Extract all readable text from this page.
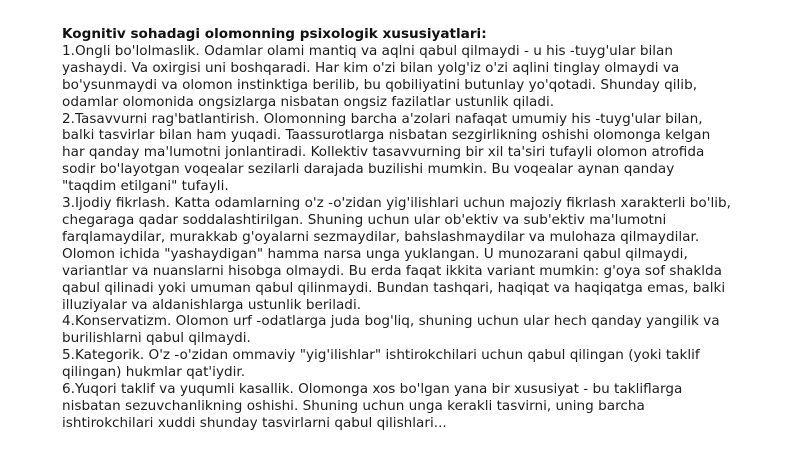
Kognitiv sohadagi olomonning psixologik xususiyatlari:
1.Ongli bo'lolmaslik. Odamlar olami mantiq va aqlni qabul qilmaydi - u his -tuyg'ular bilan
yashaydi. Va oxirgisi uni boshqaradi. Har kim o'zi bilan yolg'iz o'zi aqlini tinglay olmaydi va
bo'ysunmaydi va olomon instinktiga berilib, bu qobiliyatini butunlay yo'qotadi. Shunday qilib,
odamlar olomonida ongsizlarga nisbatan ongsiz fazilatlar ustunlik qiladi.
2.Tasavvurni rag'batlantirish. Olomonning barcha a'zolari nafaqat umumiy his -tuyg'ular bilan,
balki tasvirlar bilan ham yuqadi. Taassurotlarga nisbatan sezgirlikning oshishi olomonga kelgan
har qanday ma'lumotni jonlantiradi. Kollektiv tasavvurning bir xil ta'siri tufayli olomon atrofida
sodir bo'layotgan voqealar sezilarli darajada buzilishi mumkin. Bu voqealar aynan qanday
"taqdim etilgani" tufayli.
3.Ijodiy fikrlash. Katta odamlarning o'z -o'zidan yig'ilishlari uchun majoziy fikrlash xarakterli bo'lib,
chegaraga qadar soddalashtirilgan. Shuning uchun ular ob'ektiv va sub'ektiv ma'lumotni
farqlamaydilar, murakkab g'oyalarni sezmaydilar, bahslashmaydilar va mulohaza qilmaydilar.
Olomon ichida "yashaydigan" hamma narsa unga yuklangan. U munozarani qabul qilmaydi,
variantlar va nuanslarni hisobga olmaydi. Bu erda faqat ikkita variant mumkin: g'oya sof shaklda
qabul qilinadi yoki umuman qabul qilinmaydi. Bundan tashqari, haqiqat va haqiqatga emas, balki
illuziyalar va aldanishlarga ustunlik beriladi.
4.Konservatizm. Olomon urf -odatlarga juda bog'liq, shuning uchun ular hech qanday yangilik va
burilishlarni qabul qilmaydi.
5.Kategorik. O'z -o'zidan ommaviy "yig'ilishlar" ishtirokchilari uchun qabul qilingan (yoki taklif
qilingan) hukmlar qat'iydir.
6.Yuqori taklif va yuqumli kasallik. Olomonga xos bo'lgan yana bir xususiyat - bu takliflarga
nisbatan sezuvchanlikning oshishi. Shuning uchun unga kerakli tasvirni, uning barcha
ishtirokchilari xuddi shunday tasvirlarni qabul qilishlari...
